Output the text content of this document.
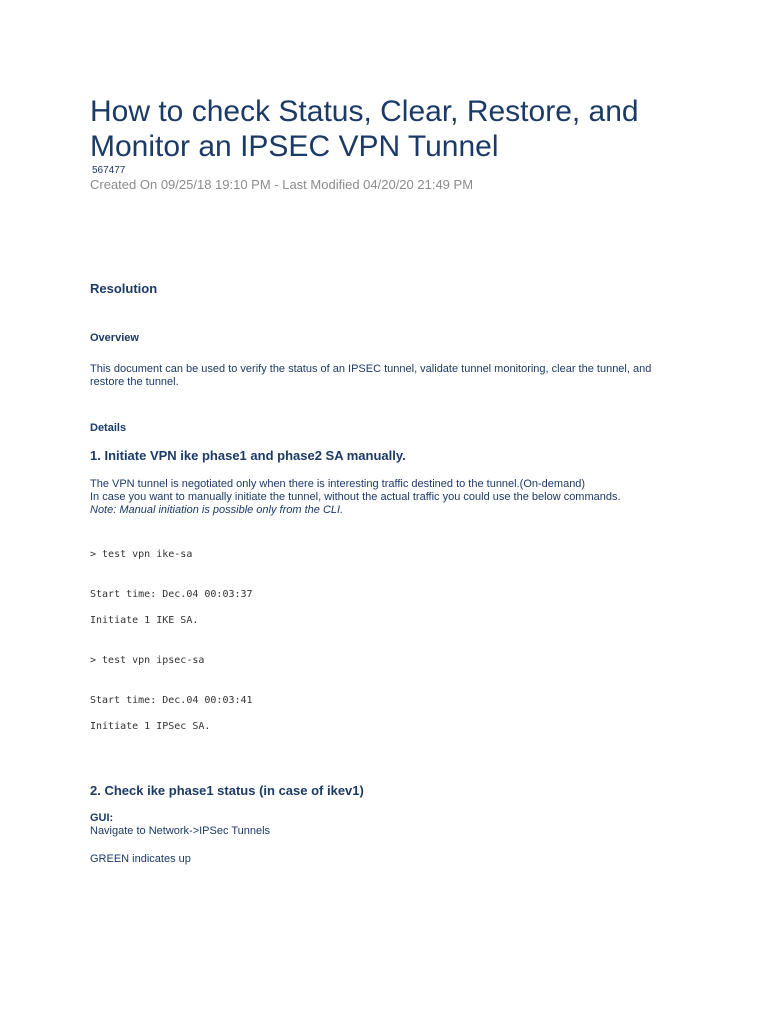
How to check Status, Clear, Restore, and Monitor an IPSEC VPN Tunnel
567477
Created On 09/25/18 19:10 PM - Last Modified 04/20/20 21:49 PM
Resolution
Overview

This document can be used to verify the status of an IPSEC tunnel, validate tunnel monitoring, clear the tunnel, and restore the tunnel.

Details
1. Initiate VPN ike phase1 and phase2 SA manually.
The VPN tunnel is negotiated only when there is interesting traffic destined to the tunnel.(On-demand)
In case you want to manually initiate the tunnel, without the actual traffic you could use the below commands.
Note: Manual initiation is possible only from the CLI.
> test vpn ike-sa
Start time: Dec.04 00:03:37
Initiate 1 IKE SA.
> test vpn ipsec-sa
Start time: Dec.04 00:03:41
Initiate 1 IPSec SA.
2. Check ike phase1 status (in case of ikev1)
GUI:
Navigate to Network->IPSec Tunnels
GREEN indicates up
